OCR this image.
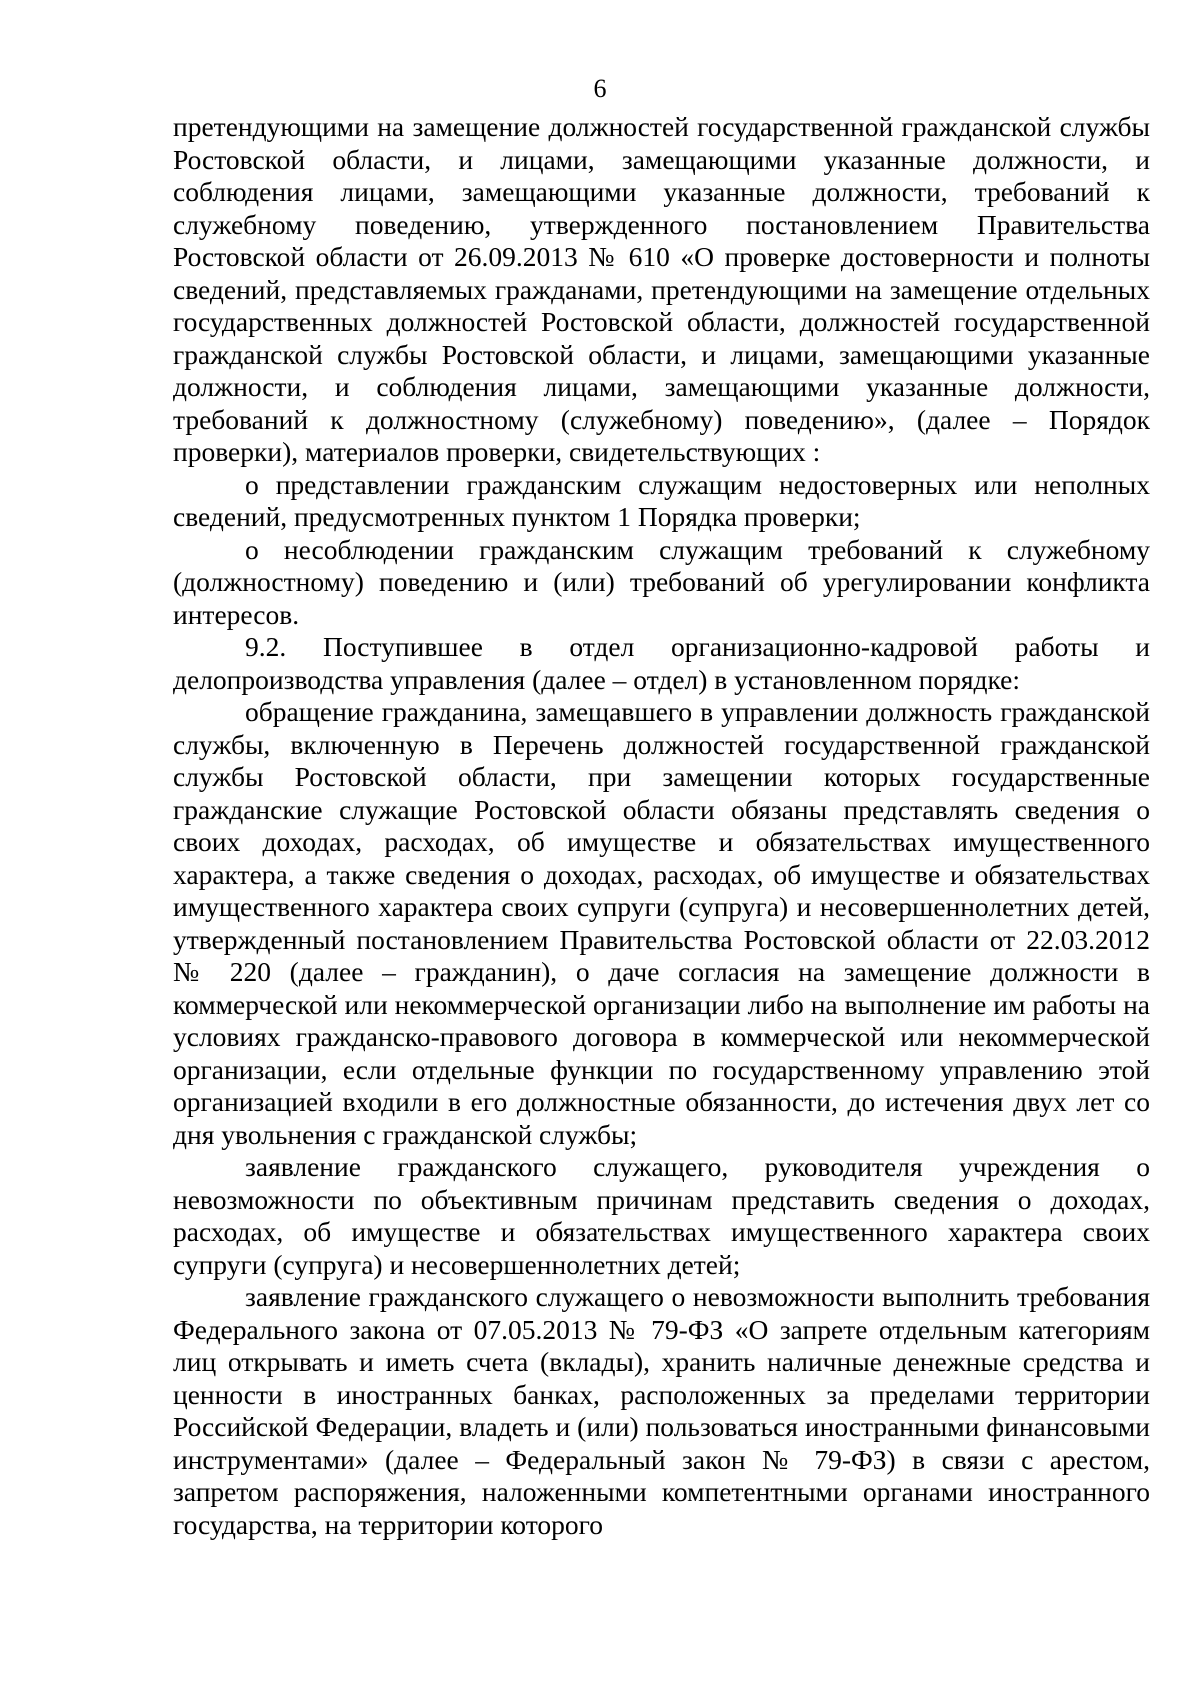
6

претендующими на замещение должностей государственной гражданской службы Ростовской области, и лицами, замещающими указанные должности, и соблюдения лицами, замещающими указанные должности, требований к служебному поведению, утвержденного постановлением Правительства Ростовской области от 26.09.2013 № 610 «О проверке достоверности и полноты сведений, представляемых гражданами, претендующими на замещение отдельных государственных должностей Ростовской области, должностей государственной гражданской службы Ростовской области, и лицами, замещающими указанные должности, и соблюдения лицами, замещающими указанные должности, требований к должностному (служебному) поведению», (далее – Порядок проверки), материалов проверки, свидетельствующих :

о представлении гражданским служащим недостоверных или неполных сведений, предусмотренных пунктом 1 Порядка проверки;

о несоблюдении гражданским служащим требований к служебному (должностному) поведению и (или) требований об урегулировании конфликта интересов.

9.2. Поступившее в отдел организационно-кадровой работы и делопроизводства управления (далее – отдел) в установленном порядке:

обращение гражданина, замещавшего в управлении должность гражданской службы, включенную в Перечень должностей государственной гражданской службы Ростовской области, при замещении которых государственные гражданские служащие Ростовской области обязаны представлять сведения о своих доходах, расходах, об имуществе и обязательствах имущественного характера, а также сведения о доходах, расходах, об имуществе и обязательствах имущественного характера своих супруги (супруга) и несовершеннолетних детей, утвержденный постановлением Правительства Ростовской области от 22.03.2012 № 220 (далее – гражданин), о даче согласия на замещение должности в коммерческой или некоммерческой организации либо на выполнение им работы на условиях гражданско-правового договора в коммерческой или некоммерческой организации, если отдельные функции по государственному управлению этой организацией входили в его должностные обязанности, до истечения двух лет со дня увольнения с гражданской службы;

заявление гражданского служащего, руководителя учреждения о невозможности по объективным причинам представить сведения о доходах, расходах, об имуществе и обязательствах имущественного характера своих супруги (супруга) и несовершеннолетних детей;

заявление гражданского служащего о невозможности выполнить требования Федерального закона от 07.05.2013 № 79-ФЗ «О запрете отдельным категориям лиц открывать и иметь счета (вклады), хранить наличные денежные средства и ценности в иностранных банках, расположенных за пределами территории Российской Федерации, владеть и (или) пользоваться иностранными финансовыми инструментами» (далее – Федеральный закон № 79-ФЗ) в связи с арестом, запретом распоряжения, наложенными компетентными органами иностранного государства, на территории которого
